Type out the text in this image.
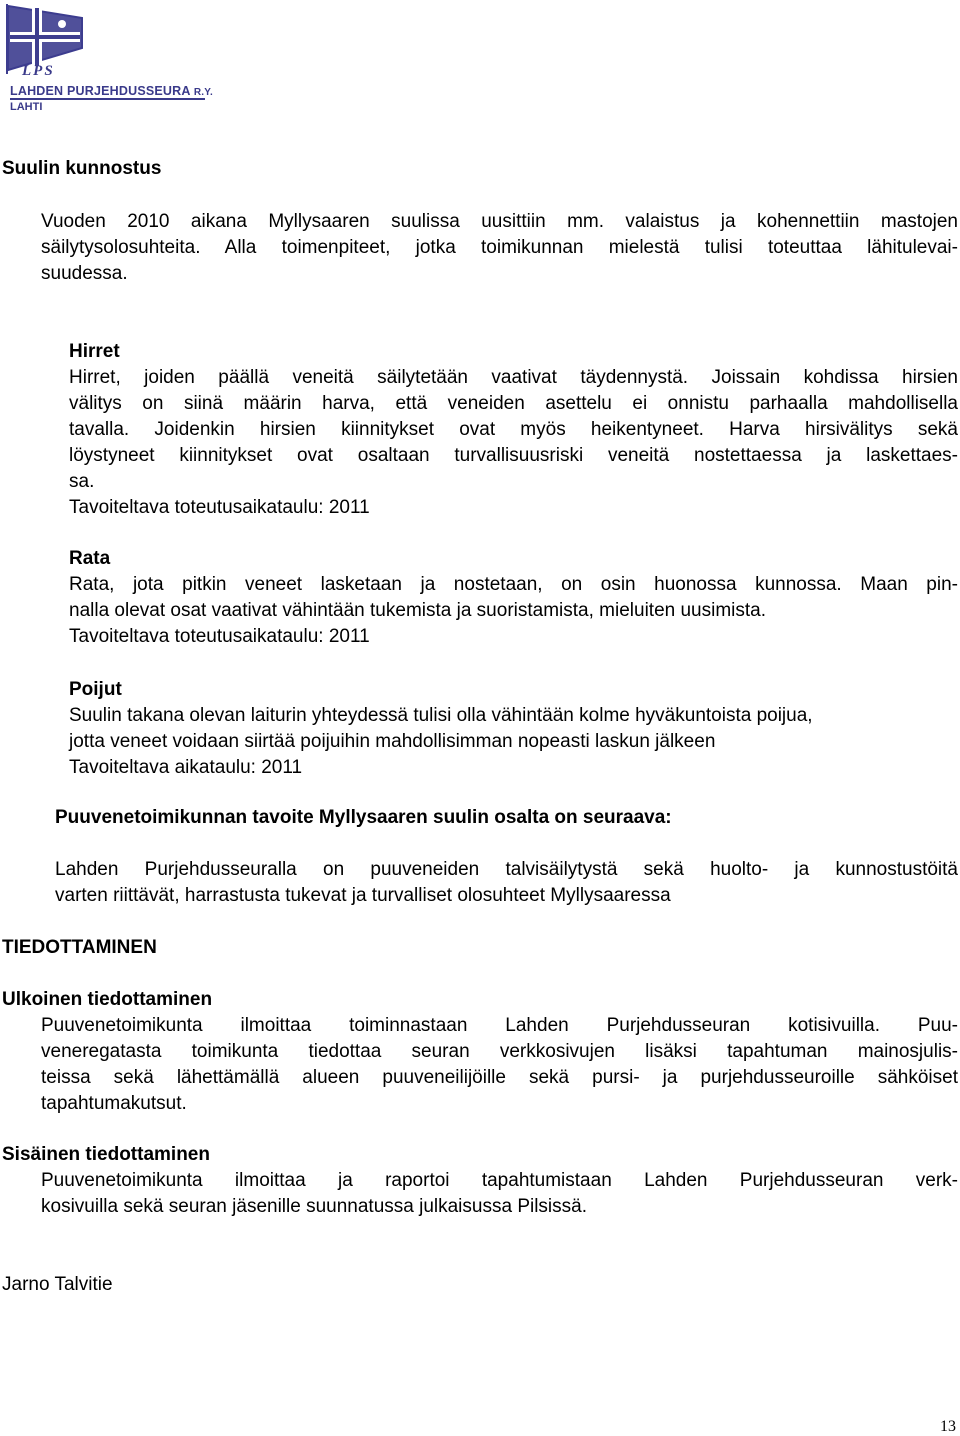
LPS
LAHDEN PURJEHDUSSEURA R.Y.
LAHTI
Suulin kunnostus
Vuoden 2010 aikana Myllysaaren suulissa uusittiin mm. valaistus ja kohennettiin mastojen
säilytysolosuhteita. Alla toimenpiteet, jotka toimikunnan mielestä tulisi toteuttaa lähitulevai-
suudessa.
Hirret
Hirret, joiden päällä veneitä säilytetään vaativat täydennystä. Joissain kohdissa hirsien
välitys on siinä määrin harva, että veneiden asettelu ei onnistu parhaalla mahdollisella
tavalla. Joidenkin hirsien kiinnitykset ovat myös heikentyneet. Harva hirsivälitys sekä
löystyneet kiinnitykset ovat osaltaan turvallisuusriski veneitä nostettaessa ja laskettaes-
sa.
Tavoiteltava toteutusaikataulu: 2011
Rata
Rata, jota pitkin veneet lasketaan ja nostetaan, on osin huonossa kunnossa. Maan pin-
nalla olevat osat vaativat vähintään tukemista ja suoristamista, mieluiten uusimista.
Tavoiteltava toteutusaikataulu: 2011
Poijut
Suulin takana olevan laiturin yhteydessä tulisi olla vähintään kolme hyväkuntoista poijua,
jotta veneet voidaan siirtää poijuihin mahdollisimman nopeasti laskun jälkeen
Tavoiteltava aikataulu: 2011
Puuvenetoimikunnan tavoite Myllysaaren suulin osalta on seuraava:
Lahden Purjehdusseuralla on puuveneiden talvisäilytystä sekä huolto- ja kunnostustöitä
varten riittävät, harrastusta tukevat ja turvalliset olosuhteet Myllysaaressa
TIEDOTTAMINEN
Ulkoinen tiedottaminen
Puuvenetoimikunta ilmoittaa toiminnastaan Lahden Purjehdusseuran kotisivuilla. Puu-
veneregatasta toimikunta tiedottaa seuran verkkosivujen lisäksi tapahtuman mainosjulis-
teissa sekä lähettämällä alueen puuveneilijöille sekä pursi- ja purjehdusseuroille sähköiset
tapahtumakutsut.
Sisäinen tiedottaminen
Puuvenetoimikunta ilmoittaa ja raportoi tapahtumistaan Lahden Purjehdusseuran verk-
kosivuilla sekä seuran jäsenille suunnatussa julkaisussa Pilsissä.
Jarno Talvitie
13
